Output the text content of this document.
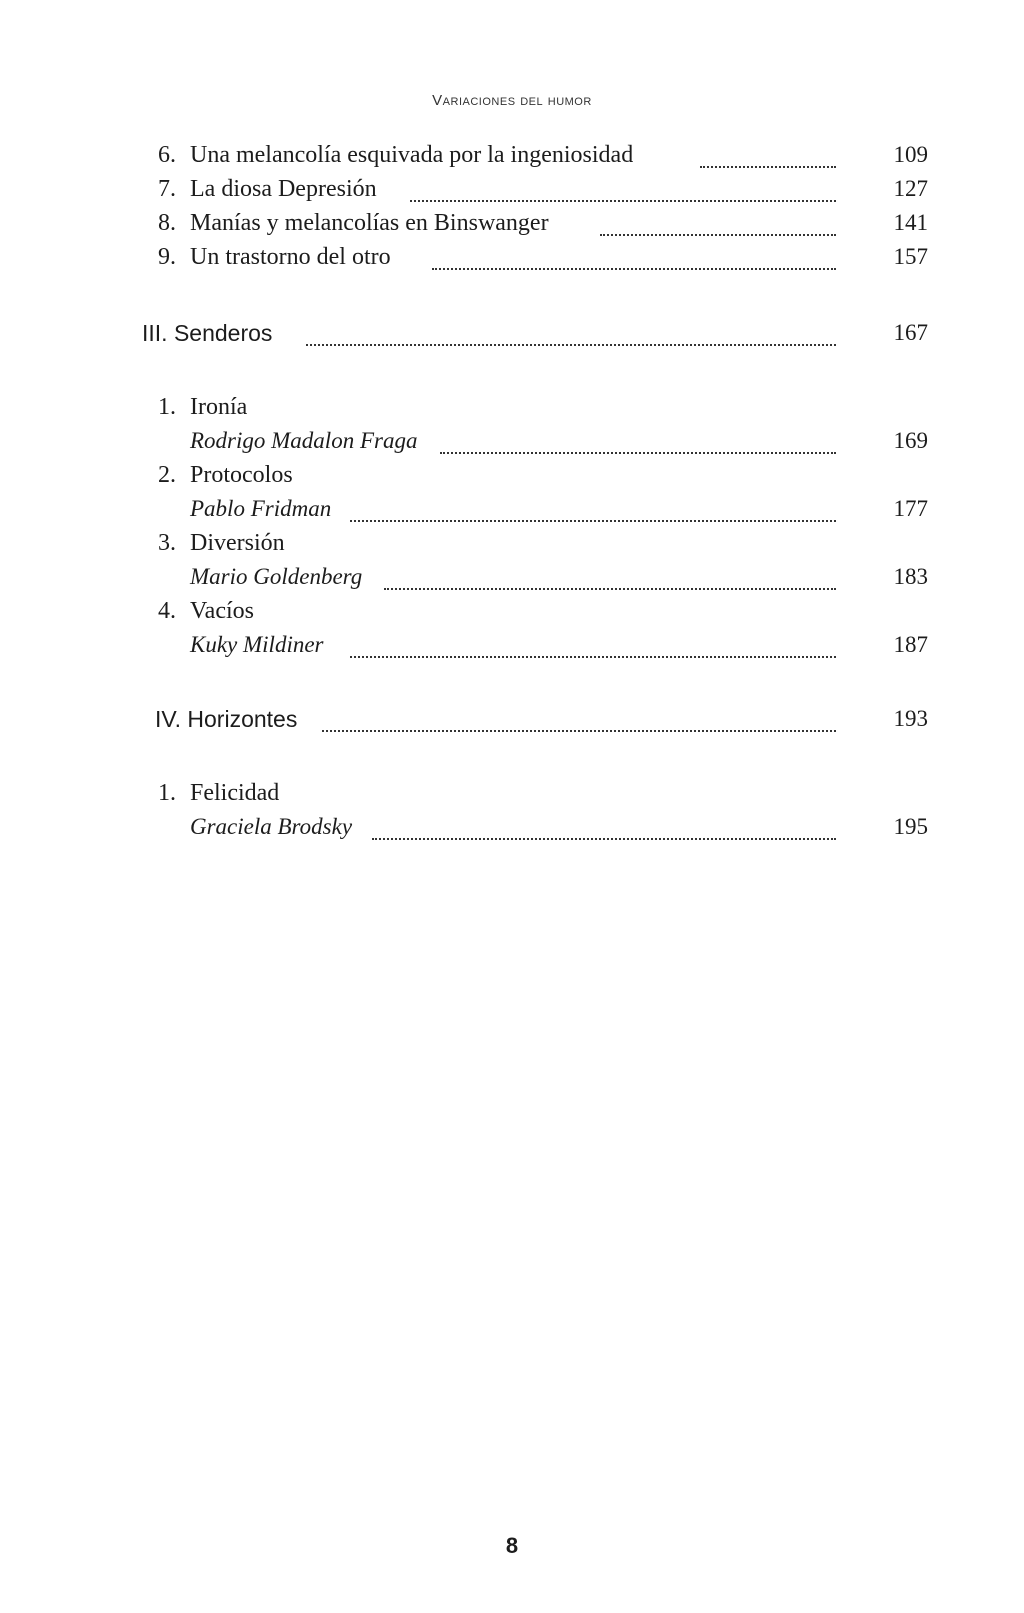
Variaciones del humor
6. Una melancolía esquivada por la ingeniosidad	109
7. La diosa Depresión	127
8. Manías y melancolías en Binswanger	141
9. Un trastorno del otro	157
III. Senderos	167
1. Ironía
Rodrigo Madalon Fraga	169
2. Protocolos
Pablo Fridman	177
3. Diversión
Mario Goldenberg	183
4. Vacíos
Kuky Mildiner	187
IV. Horizontes	193
1. Felicidad
Graciela Brodsky	195
8
